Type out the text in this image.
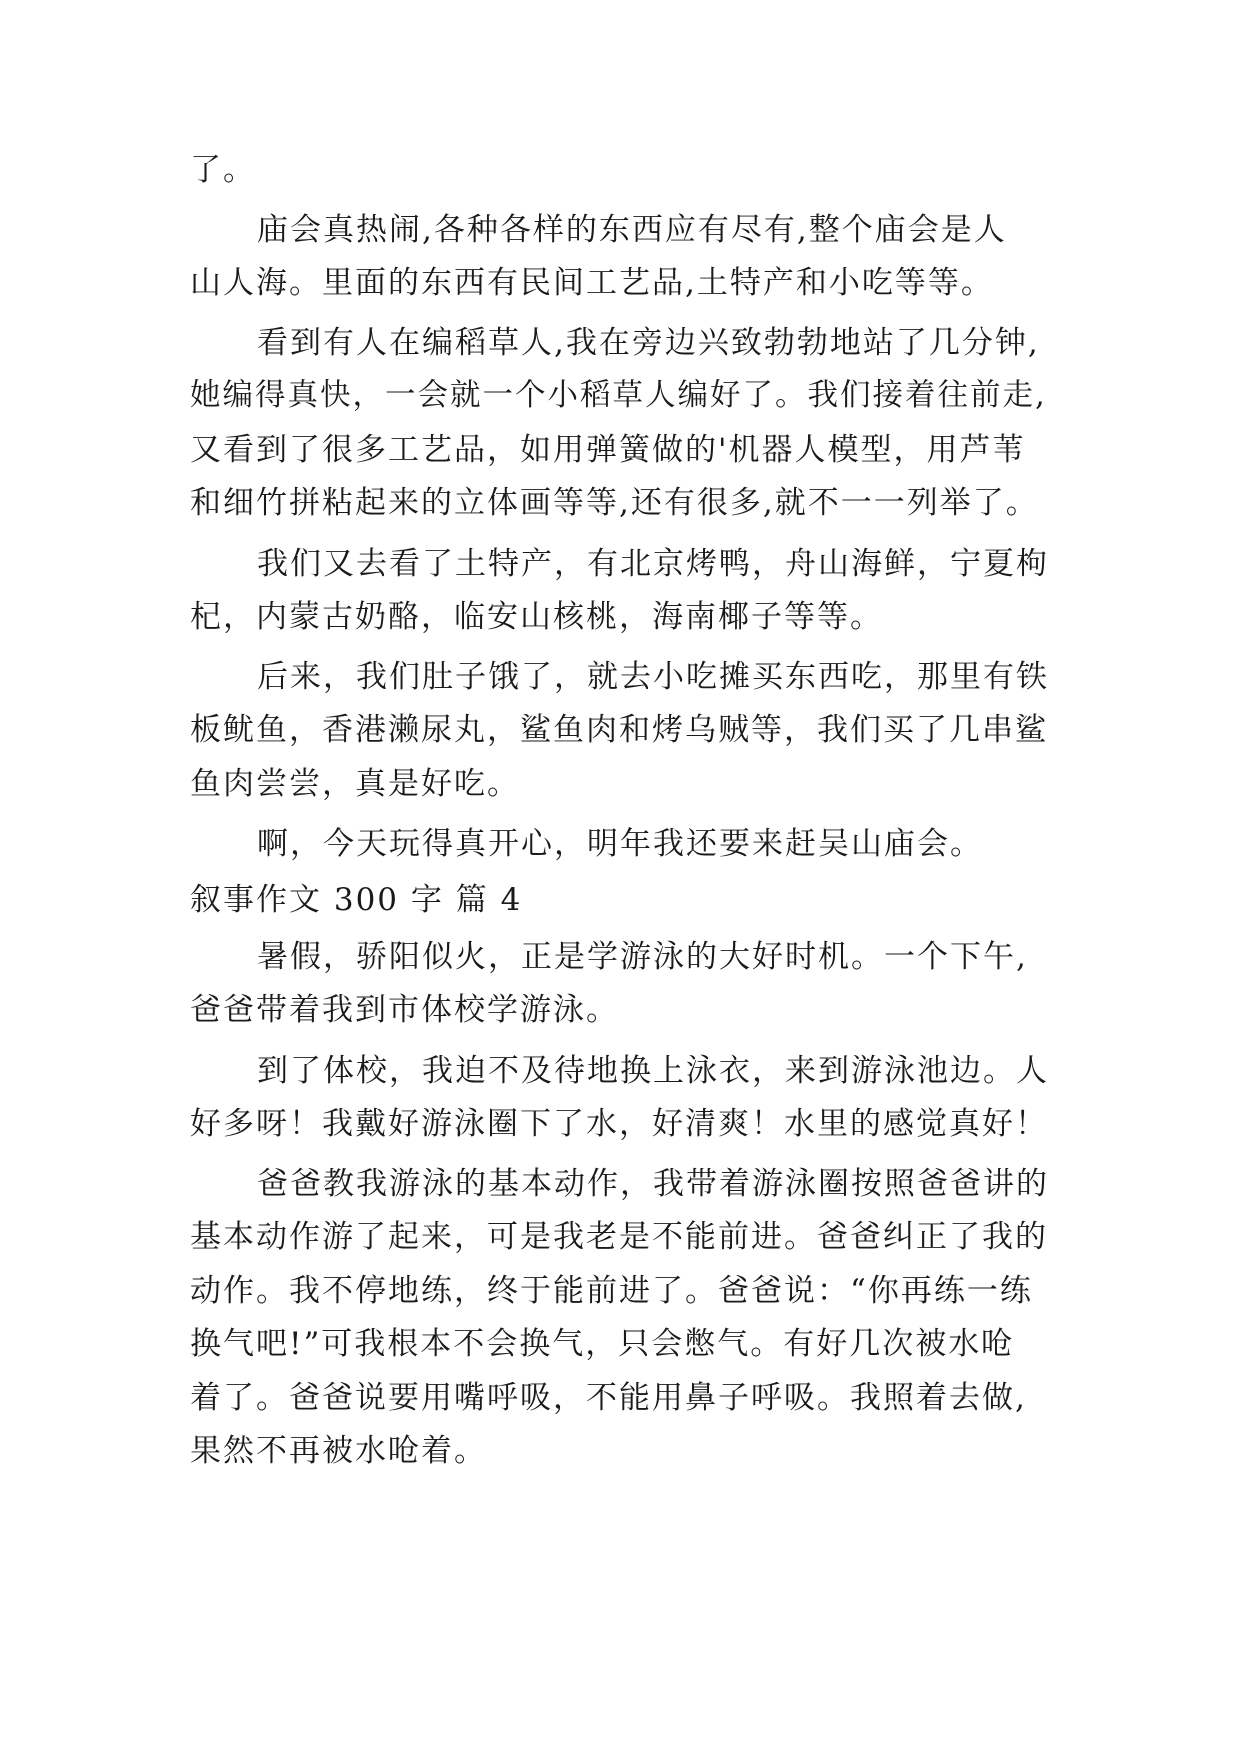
了。
庙会真热闹,各种各样的东西应有尽有,整个庙会是人
山人海。里面的东西有民间工艺品,土特产和小吃等等。
看到有人在编稻草人,我在旁边兴致勃勃地站了几分钟,
她编得真快，一会就一个小稻草人编好了。我们接着往前走,
又看到了很多工艺品，如用弹簧做的'机器人模型，用芦苇
和细竹拼粘起来的立体画等等,还有很多,就不一一列举了。
我们又去看了土特产，有北京烤鸭，舟山海鲜，宁夏枸
杞，内蒙古奶酪，临安山核桃，海南椰子等等。
后来，我们肚子饿了，就去小吃摊买东西吃，那里有铁
板鱿鱼，香港濑尿丸，鲨鱼肉和烤乌贼等，我们买了几串鲨
鱼肉尝尝，真是好吃。
啊，今天玩得真开心，明年我还要来赶吴山庙会。
叙事作文 300 字 篇 4
暑假，骄阳似火，正是学游泳的大好时机。一个下午,
爸爸带着我到市体校学游泳。
到了体校，我迫不及待地换上泳衣，来到游泳池边。人
好多呀！我戴好游泳圈下了水，好清爽！水里的感觉真好！
爸爸教我游泳的基本动作，我带着游泳圈按照爸爸讲的
基本动作游了起来，可是我老是不能前进。爸爸纠正了我的
动作。我不停地练，终于能前进了。爸爸说：“你再练一练
换气吧!”可我根本不会换气，只会憋气。有好几次被水呛
着了。爸爸说要用嘴呼吸，不能用鼻子呼吸。我照着去做,
果然不再被水呛着。
